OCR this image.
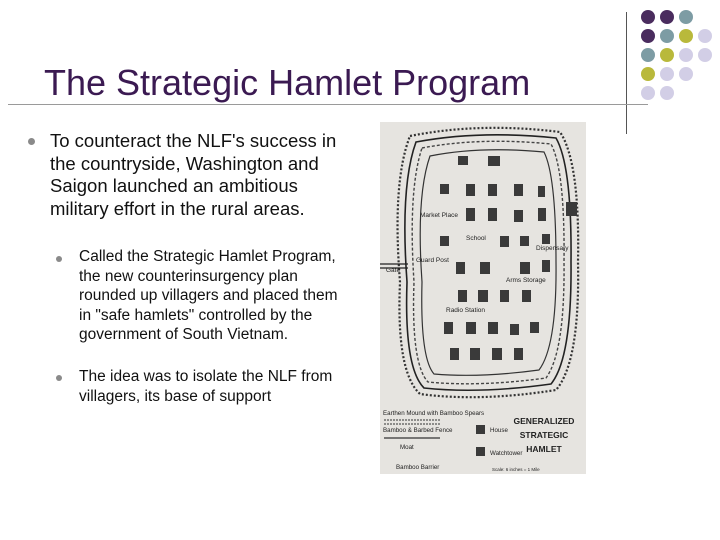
The Strategic Hamlet Program
To counteract the NLF's success in the countryside, Washington and Saigon launched an ambitious military effort in the rural areas.
Called the Strategic Hamlet Program, the new counterinsurgency plan rounded up villagers and placed them in "safe hamlets" controlled by the government of South Vietnam.
The idea was to isolate the NLF from villagers, its base of support
Market Place
School
Dispensary
Gate
Guard Post
Arms Storage
Radio Station
Earthen Mound with Bamboo Spears
Bamboo & Barbed Fence	House
Moat
Watchtower
Bamboo Barrier
GENERALIZED
STRATEGIC
HAMLET
Scale: 6 inches = 1 Mile
